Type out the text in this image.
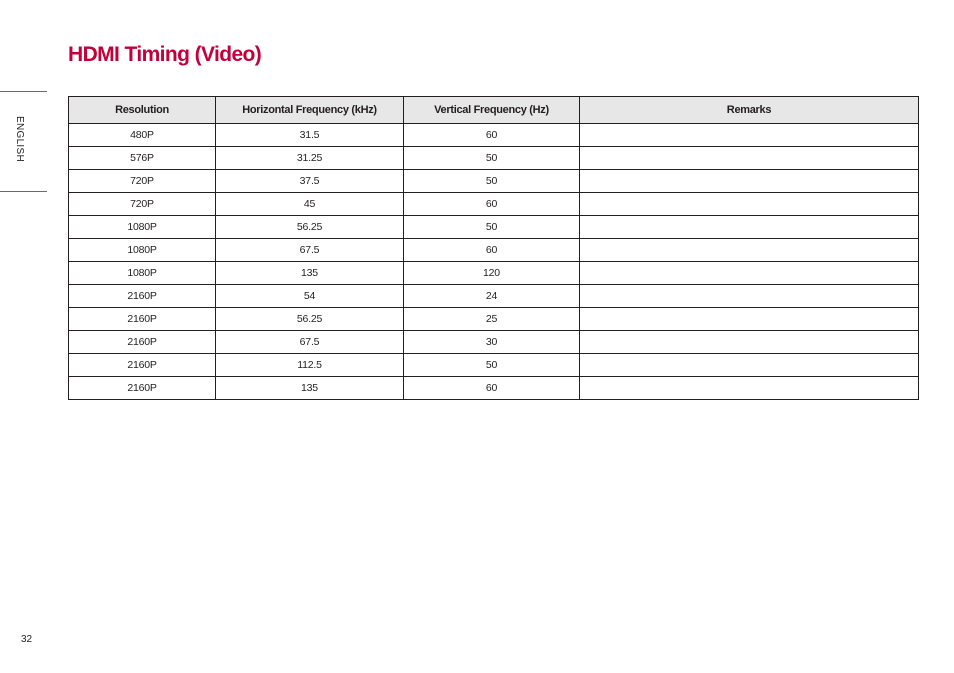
HDMI Timing (Video)
ENGLISH
Resolution	Horizontal Frequency (kHz)	Vertical Frequency (Hz)	Remarks
480P	31.5	60	
576P	31.25	50	
720P	37.5	50	
720P	45	60	
1080P	56.25	50	
1080P	67.5	60	
1080P	135	120	
2160P	54	24	
2160P	56.25	25	
2160P	67.5	30	
2160P	112.5	50	
2160P	135	60	
32
